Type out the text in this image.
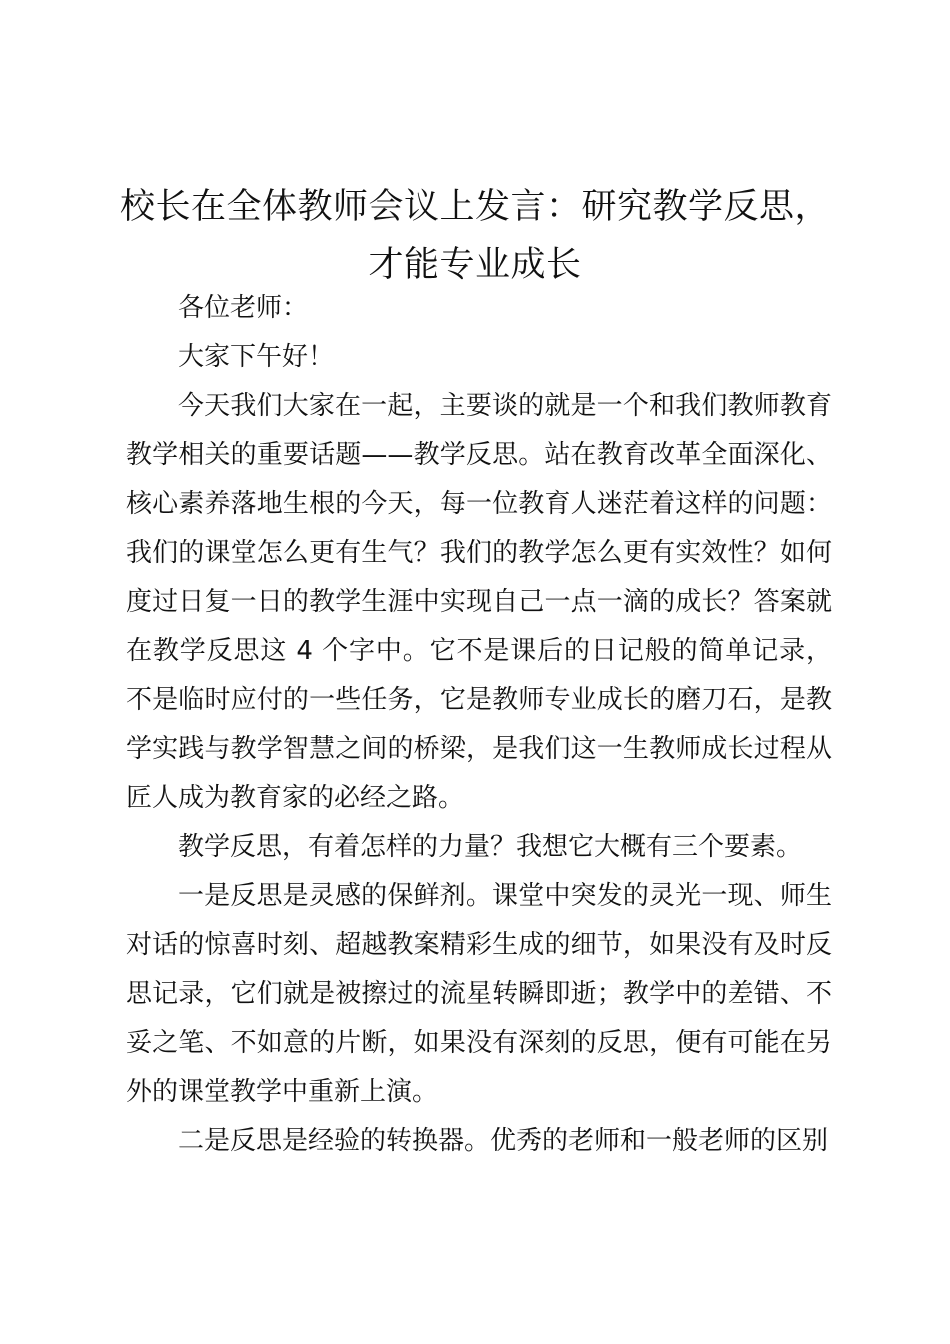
校长在全体教师会议上发言：研究教学反思，
才能专业成长

各位老师：

大家下午好！

今天我们大家在一起，主要谈的就是一个和我们教师教育教学相关的重要话题——教学反思。站在教育改革全面深化、核心素养落地生根的今天，每一位教育人迷茫着这样的问题：我们的课堂怎么更有生气？我们的教学怎么更有实效性？如何度过日复一日的教学生涯中实现自己一点一滴的成长？答案就在教学反思这 4 个字中。它不是课后的日记般的简单记录，不是临时应付的一些任务，它是教师专业成长的磨刀石，是教学实践与教学智慧之间的桥梁，是我们这一生教师成长过程从匠人成为教育家的必经之路。

教学反思，有着怎样的力量？我想它大概有三个要素。

一是反思是灵感的保鲜剂。课堂中突发的灵光一现、师生对话的惊喜时刻、超越教案精彩生成的细节，如果没有及时反思记录，它们就是被擦过的流星转瞬即逝；教学中的差错、不妥之笔、不如意的片断，如果没有深刻的反思，便有可能在另外的课堂教学中重新上演。

二是反思是经验的转换器。优秀的老师和一般老师的区别
